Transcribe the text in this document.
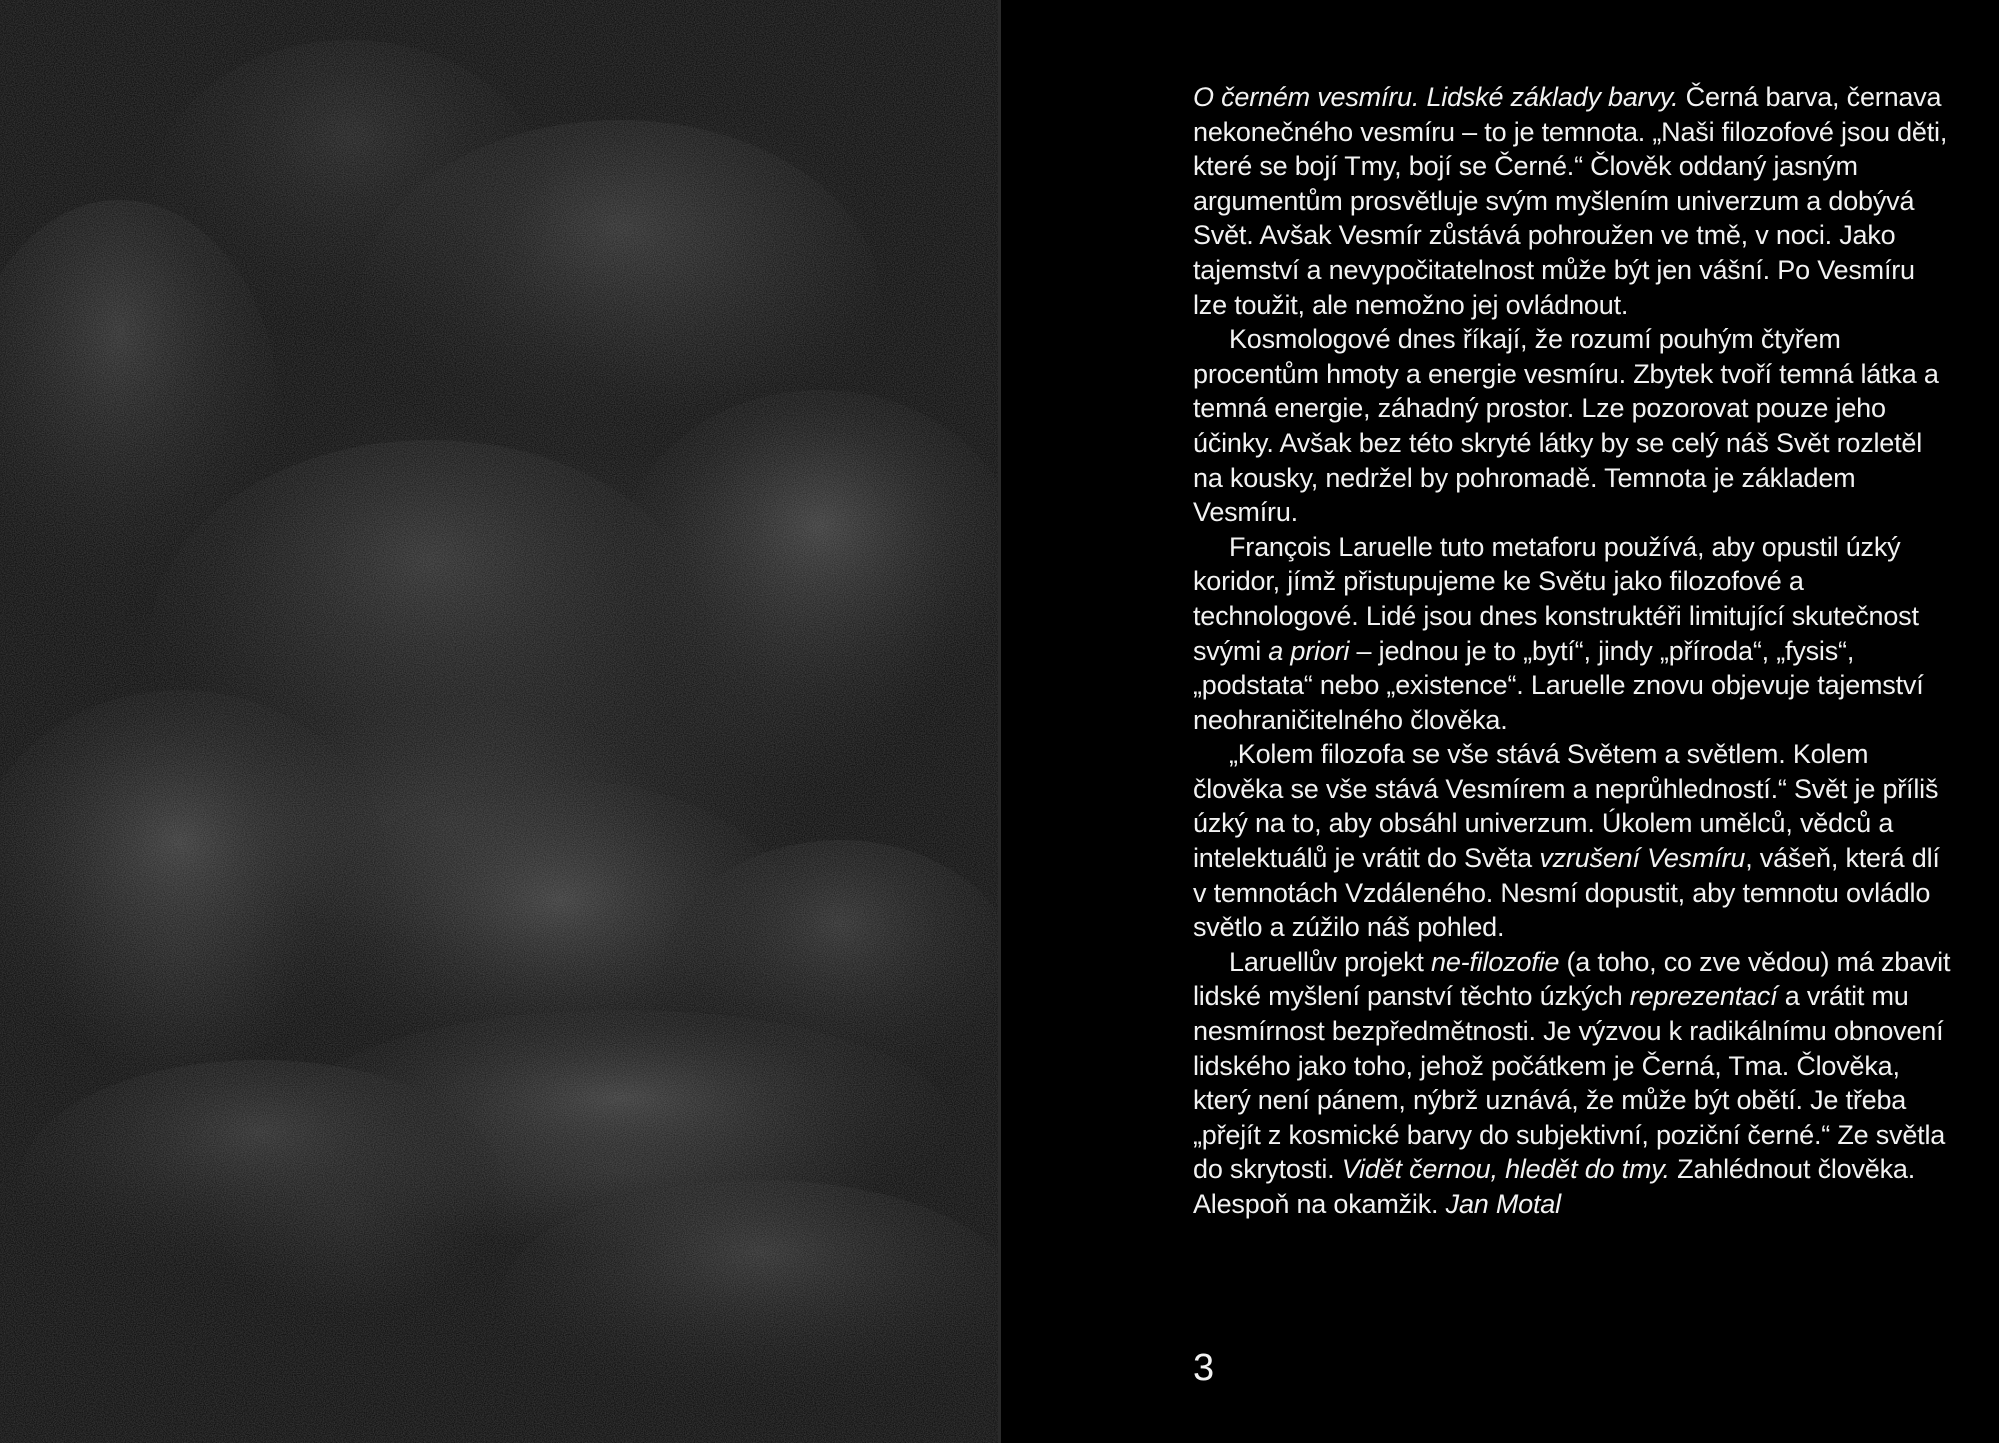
O černém vesmíru. Lidské základy barvy. Černá barva, černava nekonečného vesmíru – to je temnota. „Naši filozofové jsou děti, které se bojí Tmy, bojí se Černé.“ Člověk oddaný jasným argumentům prosvětluje svým myšlením univerzum a dobývá Svět. Avšak Vesmír zůstává pohroužen ve tmě, v noci. Jako tajemství a nevypočitatelnost může být jen vášní. Po Vesmíru lze toužit, ale nemožno jej ovládnout.

Kosmologové dnes říkají, že rozumí pouhým čtyřem procentům hmoty a energie vesmíru. Zbytek tvoří temná látka a temná energie, záhadný prostor. Lze pozorovat pouze jeho účinky. Avšak bez této skryté látky by se celý náš Svět rozletěl na kousky, nedržel by pohromadě. Temnota je základem Vesmíru.

François Laruelle tuto metaforu používá, aby opustil úzký koridor, jímž přistupujeme ke Světu jako filozofové a technologové. Lidé jsou dnes konstruktéři limitující skutečnost svými a priori – jednou je to „bytí“, jindy „příroda“, „fysis“, „podstata“ nebo „existence“. Laruelle znovu objevuje tajemství neohraničitelného člověka.

„Kolem filozofa se vše stává Světem a světlem. Kolem člověka se vše stává Vesmírem a neprůhledností.“ Svět je příliš úzký na to, aby obsáhl univerzum. Úkolem umělců, vědců a intelektuálů je vrátit do Světa vzrušení Vesmíru, vášeň, která dlí v temnotách Vzdáleného. Nesmí dopustit, aby temnotu ovládlo světlo a zúžilo náš pohled.

Laruellův projekt ne-filozofie (a toho, co zve vědou) má zbavit lidské myšlení panství těchto úzkých reprezentací a vrátit mu nesmírnost bezpředmětnosti. Je výzvou k radikálnímu obnovení lidského jako toho, jehož počátkem je Černá, Tma. Člověka, který není pánem, nýbrž uznává, že může být obětí. Je třeba „přejít z kosmické barvy do subjektivní, poziční černé.“ Ze světla do skrytosti. Vidět černou, hledět do tmy. Zahlédnout člověka. Alespoň na okamžik. Jan Motal

3
